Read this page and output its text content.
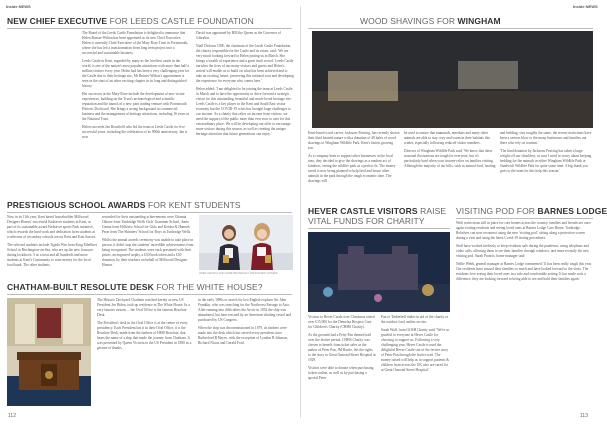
Inside NEWS	Inside NEWS
112	113
NEW CHIEF EXECUTIVE FOR LEEDS CASTLE FOUNDATION

The Board of the Leeds Castle Foundation is delighted to announce that Helen Bonser-Wilton has been appointed as its new Chief Executive. Helen is currently Chief Executive of the Mary Rose Trust in Portsmouth, where she has led a transformation from long term project into a successful and sustainable business.

Leeds Castle in Kent, regarded by many as the loveliest castle in the world, is one of the nation's most popular attractions with more than half a million visitors every year. Helen had has been a very challenging year for the Castle due to their heritage site, Mr Bonser-Wilton's appointment is seen as the start of an other exciting chapter in its long and distinguished history.

Her successes at the Mary Rose include the development of new visitor experiences, building on the Trust's archaeological and scientific reputation and the launch of a new joint trading venture with Portsmouth Historic Dockyard. She brings a strong background in commercial business and the management of heritage attractions, including 16 years at the National Trust.

Helen succeeds Jan Bousfield who led the team at Leeds Castle for five successful years, including the celebration of its 900th anniversary. Jan is now

David was appointed by HM the Queen as the Governor of Gibraltar.

Niall Dickson CBE, the chairman of the Leeds Castle Foundation, the charity responsible for the Castle and its estate, said: 'We are very much looking forward to Helen joining us in March. She brings a wealth of experience and a great track record. Leeds Castle enriches the lives of our many visitors and guests and Helen's arrival will enable us to build on what has been achieved and to take an exciting future, preserving this national icon and developing the experience for everyone who comes here.'

Helen added: 'I am delighted to be joining the team at Leeds Castle in March and to have the opportunity to drive forward a strategic vision for this outstanding, beautiful and much-loved heritage site. Leeds Castle is a key player in the Kent and South East visitor economy but the COVID-19 crisis has brought huge challenges to our income. As a charity that relies on income from visitors, we need the support of the public more than ever now to care for this extraordinary place. We will be developing our offer to encourage more visitors during this season, as well as creating the unique heritage attraction that future generations can enjoy.'

PRESTIGIOUS SCHOOL AWARDS FOR KENT STUDENTS

Now in its 11th year, Kent based housebuilder Millwood Designer Homes' successful Endeavor students in Kent, as part of its sustainable award Endeavor sports Park initiative, which rewards the hard work and dedication from students at a selection of secondary schools across Kent and East Sussex.

The selected students include Tigeda Win from King Ethelbert School in Birchington-on-Sea, who are up the new focusses during lockdown. 5 as a treat and all hundreds and more students at Kent's Community to raise money for the local food bank. The other students

rewarded for their outstanding achievements were Ghamia Oktone from Tunbridge Wells Girls' Grammar School, Amie Genna from Hillview School for Girls and Keisha & Hannah Peon from The Skinners' School for Boys in Tunbridge Wells.

Whilst the annual awards ceremony was unable to take place in person, it didn't stop the students' incredible achievements from being recognised. The students were each presented with their prizes, an engraved trophy, a £50 book token and a £50 donation, by their teachers on behalf of Millwood Designer Homes.

AMIE GENNA AND AMIE BEVERLEY DESIGNER HOMES
CHATHAM-BUILT RESOLUTE DESK FOR THE WHITE HOUSE?

The Historic Dockyard Chatham watched keenly as new US President Joe Biden, took up residence in The White House. In a very famous custom ... the Oval Office is the famous Resolute Desk.

The President's desk in the Oval Office is at the centre of every presidency. Each President has it in their Oval Office, it is the Resolute Desk, made from the timbers of HMS Resolute, that bears the name of a ship that made the journey from Chatham. It was presented by Queen Victoria to the US President in 1880 as a gesture of thanks.

in the early 1880s to search for lost English explorer Sir John Franklin, who was searching for the Northwest Passage to Asia. After running into difficulties the Arctic in 1852 the ship was abandoned, but later rescued by an American whaling vessel and purchased by US Congress.

When the ship was decommissioned in 1879, its timbers were made into the desk which has served every president since Rutherford B Hayes, with the exception of Lyndon B Johnson, Richard Nixon and Gerald Ford.

WOOD SHAVINGS FOR WINGHAM

Kent-based wood carver, Jacksons Fencing, has recently shown their kind hearted nature with a donation of 40 bales of wood shavings to Wingham Wildlife Park, Kent's fastest growing zoo.

As a company keen to support other businesses in the local area, they decided to give the shavings as a random act of kindness, seeing the wildlife park as a perfect fit. The money saved is now being planned to help feed and house other animals in the park through the tough economic time. The shavings will

be used to ensure that mammals, meerkats and many other animals are able to stay cozy and warm in their habitats this winter, especially following reduced visitor numbers.

Director of Wingham Wildlife Park said: 'We know that these seasonal fluctuations are tough for everyone, but it's particularly hard when your income relies on families visiting. Although the majority of our bills, such as animal food, heating

and bedding, stay roughly the same, the recent restrictions have been a serious blow to the many businesses and families out there who rely on tourism.'

'The kind donation by Jacksons Fencing has taken a large weight off our shoulders, so now I need to worry about keeping bedding for the animals in either Wingham Wildlife Park or Sandwich Wildlife Park for quite some time. A big thank you goes to the team for this help this season.'

HEVER CASTLE VISITORS RAISE
VITAL FUNDS FOR CHARITY

Visitors to Hever Castle over Christmas raised over £15,000 for the Demelza Hospice Care for Children's Charity (CHHS Charity).

As the grounds had a Petty Pan themed trail over the festive period, CHHS Charity was chosen to benefit from ticket sales as the author of Peter Pan, JM Barrie, left the rights to the story to Great Ormond Street Hospital in 1929.

Visitors were able to donate when purchasing tickets online, as well as by purchasing a special Peter

Pan or Tinkerbell tinker in aid of the charity or the outdoor food outlets on-site.

Sarah Wall, from GOSH Charity said: 'We're so grateful to everyone at Hever Castle for choosing to support us. Following a very challenging year, Hever Castle is used the delightful Hever Castle site of the festive story of Peter Pan through the festive trail. The money raised will help us to support patients & children from across the UK who are cared for at Great Ormond Street Hospital.'

VISITING POD FOR BARNES LODGE

With restrictions still in place for care homes across the country, families and friends are once again visiting residents and seeing loved ones at Barnes Lodge Care Home, Tonbridge. Relatives can now reconnect using the new 'visiting pod', sitting along a protective screen during a visit and using the latest Covid-19 testing procedures.

Staff have worked tirelessly to keep residents safe during the pandemic, using telephone and video calls, allowing them to see their families through windows, and more recently the new visiting pod. Sarah Francis, home manager said:

Nellie Webb, general manager at Barnes Lodge commented: 'It has been really tough this year. Our residents have missed their families so much and have looked forward to the visits. The residents love seeing their loved ones in a safe and comfortable setting. It has made such a difference, they are looking forward to being able to see and hold their families again.'
